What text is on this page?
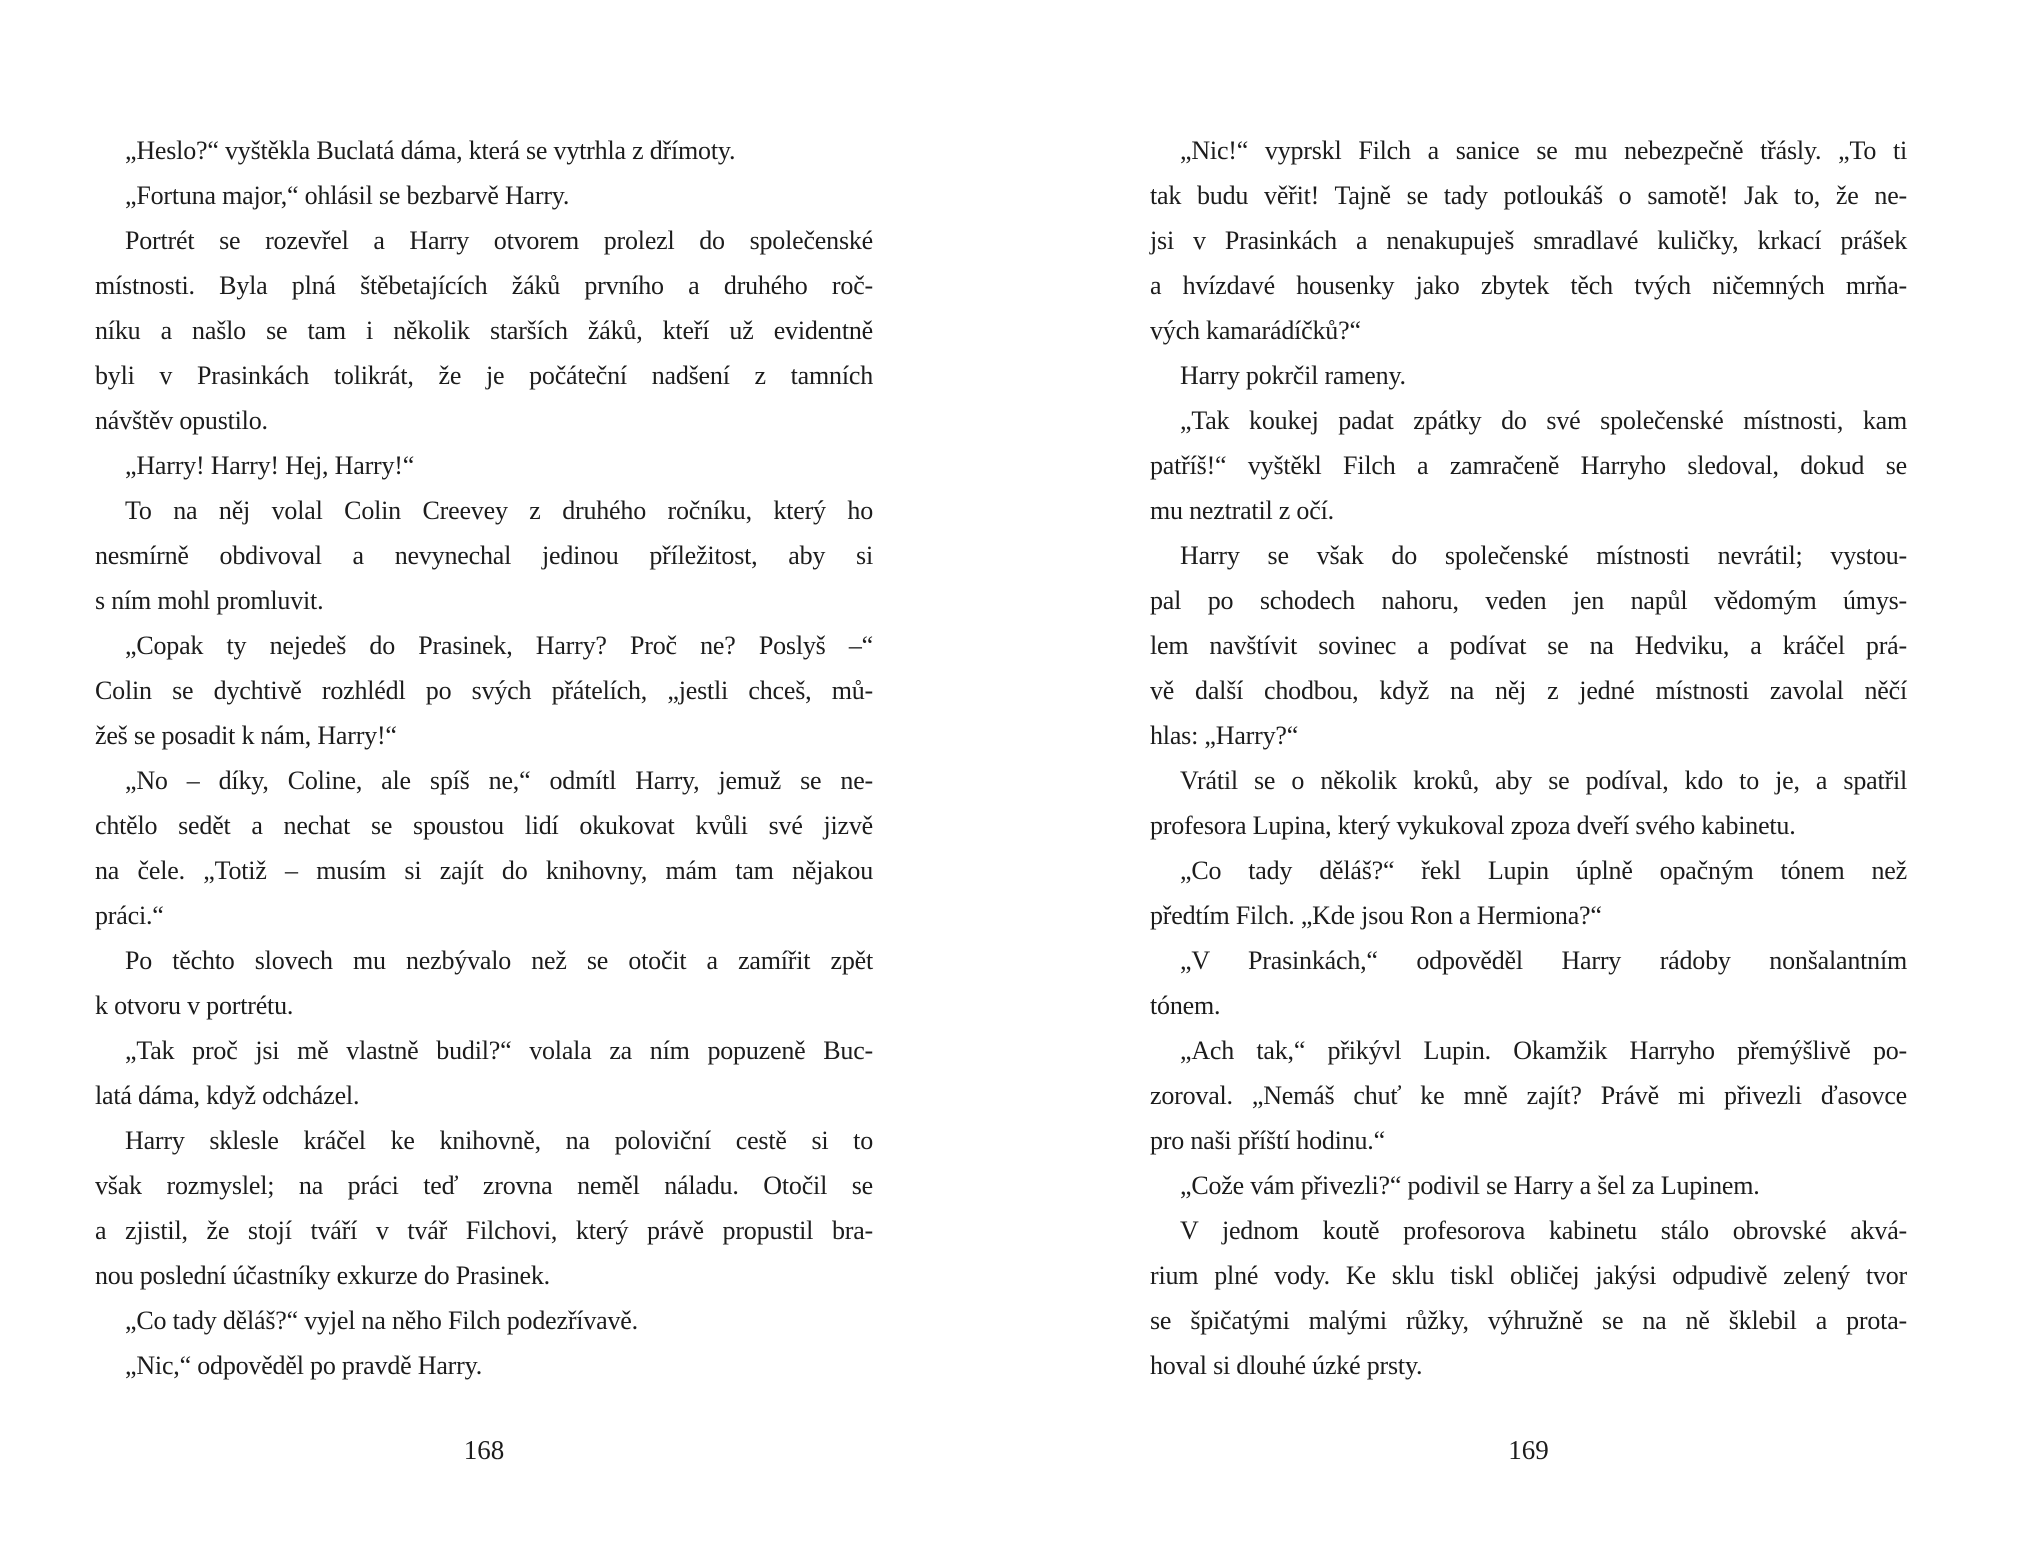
„Heslo?“ vyštěkla Buclatá dáma, která se vytrhla z dřímoty.
„Fortuna major,“ ohlásil se bezbarvě Harry.
Portrét se rozevřel a Harry otvorem prolezl do společenské
místnosti. Byla plná štěbetajících žáků prvního a druhého roč-
níku a našlo se tam i několik starších žáků, kteří už evidentně
byli v Prasinkách tolikrát, že je počáteční nadšení z tamních
návštěv opustilo.
„Harry! Harry! Hej, Harry!“
To na něj volal Colin Creevey z druhého ročníku, který ho
nesmírně obdivoval a nevynechal jedinou příležitost, aby si
s ním mohl promluvit.
„Copak ty nejedeš do Prasinek, Harry? Proč ne? Poslyš –“
Colin se dychtivě rozhlédl po svých přátelích, „jestli chceš, mů-
žeš se posadit k nám, Harry!“
„No – díky, Coline, ale spíš ne,“ odmítl Harry, jemuž se ne-
chtělo sedět a nechat se spoustou lidí okukovat kvůli své jizvě
na čele. „Totiž – musím si zajít do knihovny, mám tam nějakou
práci.“
Po těchto slovech mu nezbývalo než se otočit a zamířit zpět
k otvoru v portrétu.
„Tak proč jsi mě vlastně budil?“ volala za ním popuzeně Buc-
latá dáma, když odcházel.
Harry sklesle kráčel ke knihovně, na poloviční cestě si to
však rozmyslel; na práci teď zrovna neměl náladu. Otočil se
a zjistil, že stojí tváří v tvář Filchovi, který právě propustil bra-
nou poslední účastníky exkurze do Prasinek.
„Co tady děláš?“ vyjel na něho Filch podezřívavě.
„Nic,“ odpověděl po pravdě Harry.
168
„Nic!“ vyprskl Filch a sanice se mu nebezpečně třásly. „To ti
tak budu věřit! Tajně se tady potloukáš o samotě! Jak to, že ne-
jsi v Prasinkách a nenakupuješ smradlavé kuličky, krkací prášek
a hvízdavé housenky jako zbytek těch tvých ničemných mrňa-
vých kamarádíčků?“
Harry pokrčil rameny.
„Tak koukej padat zpátky do své společenské místnosti, kam
patříš!“ vyštěkl Filch a zamračeně Harryho sledoval, dokud se
mu neztratil z očí.
Harry se však do společenské místnosti nevrátil; vystou-
pal po schodech nahoru, veden jen napůl vědomým úmys-
lem navštívit sovinec a podívat se na Hedviku, a kráčel prá-
vě další chodbou, když na něj z jedné místnosti zavolal něčí
hlas: „Harry?“
Vrátil se o několik kroků, aby se podíval, kdo to je, a spatřil
profesora Lupina, který vykukoval zpoza dveří svého kabinetu.
„Co tady děláš?“ řekl Lupin úplně opačným tónem než
předtím Filch. „Kde jsou Ron a Hermiona?“
„V Prasinkách,“ odpověděl Harry rádoby nonšalantním
tónem.
„Ach tak,“ přikývl Lupin. Okamžik Harryho přemýšlivě po-
zoroval. „Nemáš chuť ke mně zajít? Právě mi přivezli ďasovce
pro naši příští hodinu.“
„Cože vám přivezli?“ podivil se Harry a šel za Lupinem.
V jednom koutě profesorova kabinetu stálo obrovské akvá-
rium plné vody. Ke sklu tiskl obličej jakýsi odpudivě zelený tvor
se špičatými malými růžky, výhružně se na ně šklebil a prota-
hoval si dlouhé úzké prsty.
169
